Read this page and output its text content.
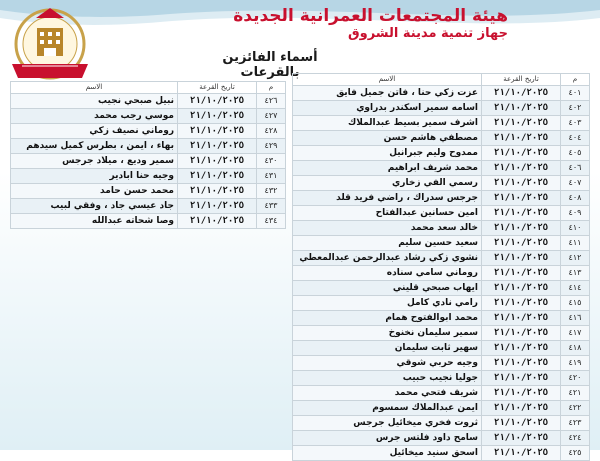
هيئة المجتمعات العمرانية الجديدة
جهاز تنمية مدينة الشروق
أسماء الفائزين بالقرعات	م	تاريخ القرعة	الاسم
٤٠١	٢١/١٠/٢٠٢٥	عزت زكي حنا ، فاتن جميل فايق
٤٠٢	٢١/١٠/٢٠٢٥	اسامه سمير اسكندر بدراوي
٤٠٣	٢١/١٠/٢٠٢٥	اشرف سمير بسيط عبدالملاك
٤٠٤	٢١/١٠/٢٠٢٥	مصطفي هاشم حسن
٤٠٥	٢١/١٠/٢٠٢٥	ممدوح وليم جبرانيل
٤٠٦	٢١/١٠/٢٠٢٥	محمد شريف ابراهيم
٤٠٧	٢١/١٠/٢٠٢٥	رسمي الفي زخاري
٤٠٨	٢١/١٠/٢٠٢٥	جرجس سدراك ، راضي فريد قلد
٤٠٩	٢١/١٠/٢٠٢٥	امين حسانين عبدالفتاح
٤١٠	٢١/١٠/٢٠٢٥	خالد سعد محمد
٤١١	٢١/١٠/٢٠٢٥	سعيد حسين سليم
٤١٢	٢١/١٠/٢٠٢٥	نشوي زكي رشاد عبدالرحمن عبدالمعطي
٤١٣	٢١/١٠/٢٠٢٥	روماني سامي سناده
٤١٤	٢١/١٠/٢٠٢٥	ايهاب صبحي قليني
٤١٥	٢١/١٠/٢٠٢٥	رامي نادي كامل
٤١٦	٢١/١٠/٢٠٢٥	محمد ابوالفتوح همام
٤١٧	٢١/١٠/٢٠٢٥	سمير سليمان نخنوخ
٤١٨	٢١/١٠/٢٠٢٥	سهير ثابت سليمان
٤١٩	٢١/١٠/٢٠٢٥	وجيه حربي شوقي
٤٢٠	٢١/١٠/٢٠٢٥	جوليا نجيب حبيب
٤٢١	٢١/١٠/٢٠٢٥	شريف فتحي محمد
٤٢٢	٢١/١٠/٢٠٢٥	ايمن عبدالملاك سمسوم
٤٢٣	٢١/١٠/٢٠٢٥	ثروت فخري ميخائيل جرجس
٤٢٤	٢١/١٠/٢٠٢٥	سامح داود فلتس جرس
٤٢٥	٢١/١٠/٢٠٢٥	اسحق سنيد ميخائيل
م	تاريخ القرعة	الاسم
٤٢٦	٢١/١٠/٢٠٢٥	نبيل صبحي نجيب
٤٢٧	٢١/١٠/٢٠٢٥	موسي رجب محمد
٤٢٨	٢١/١٠/٢٠٢٥	روماني نصيف زكي
٤٢٩	٢١/١٠/٢٠٢٥	بهاء ، ايمن ، بطرس كميل سيدهم
٤٣٠	٢١/١٠/٢٠٢٥	سمير وديع ، ميلاد جرجس
٤٣١	٢١/١٠/٢٠٢٥	وجيه حنا ابادير
٤٣٢	٢١/١٠/٢٠٢٥	محمد حسن حامد
٤٣٣	٢١/١٠/٢٠٢٥	جاد عيسي جاد ، وفقي لبيب
٤٣٤	٢١/١٠/٢٠٢٥	وصا شحاته عبدالله
